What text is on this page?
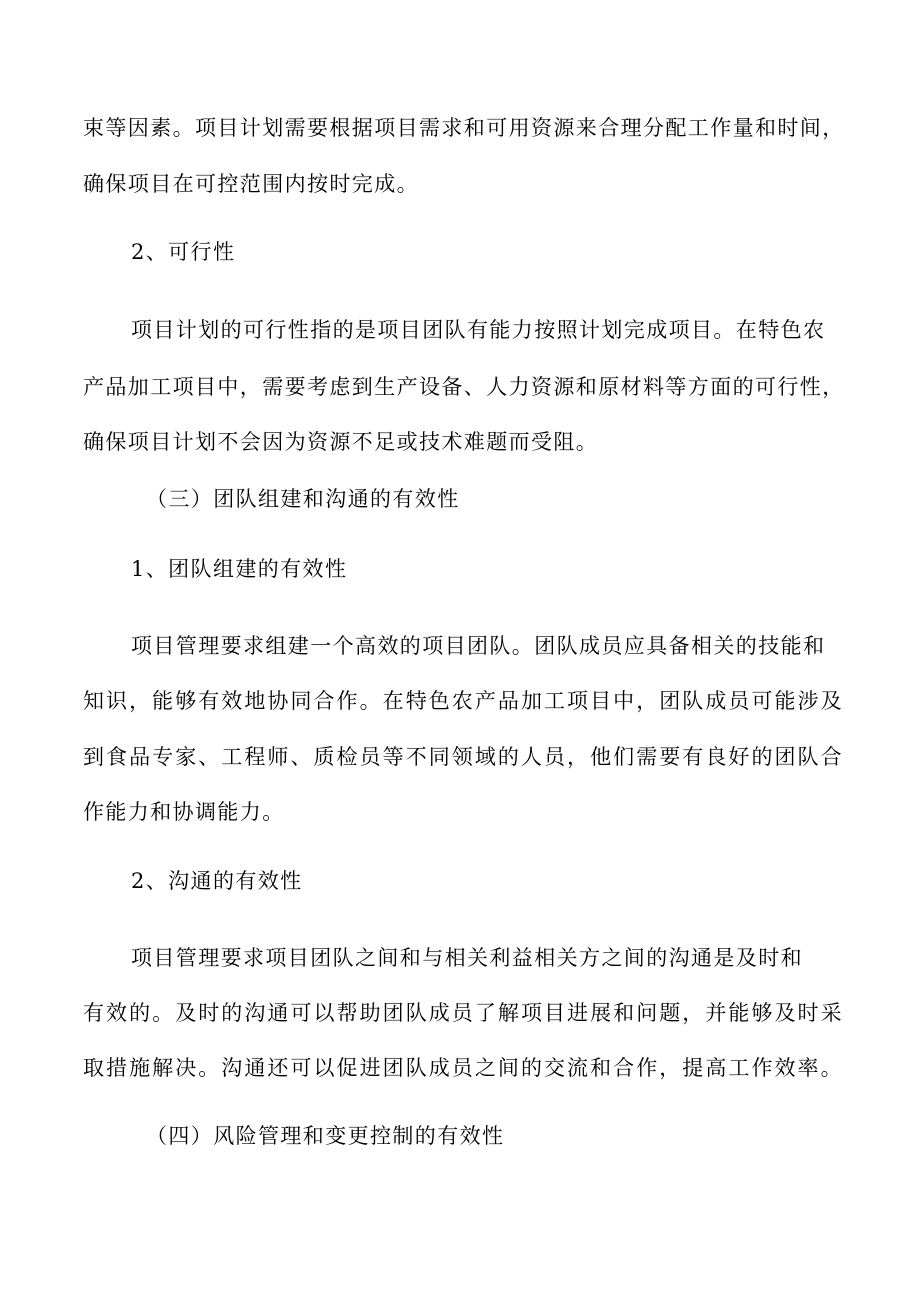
束等因素。项目计划需要根据项目需求和可用资源来合理分配工作量和时间，
确保项目在可控范围内按时完成。
2、可行性
项目计划的可行性指的是项目团队有能力按照计划完成项目。在特色农
产品加工项目中，需要考虑到生产设备、人力资源和原材料等方面的可行性，
确保项目计划不会因为资源不足或技术难题而受阻。
（三）团队组建和沟通的有效性
1、团队组建的有效性
项目管理要求组建一个高效的项目团队。团队成员应具备相关的技能和
知识，能够有效地协同合作。在特色农产品加工项目中，团队成员可能涉及
到食品专家、工程师、质检员等不同领域的人员，他们需要有良好的团队合
作能力和协调能力。
2、沟通的有效性
项目管理要求项目团队之间和与相关利益相关方之间的沟通是及时和
有效的。及时的沟通可以帮助团队成员了解项目进展和问题，并能够及时采
取措施解决。沟通还可以促进团队成员之间的交流和合作，提高工作效率。
（四）风险管理和变更控制的有效性
